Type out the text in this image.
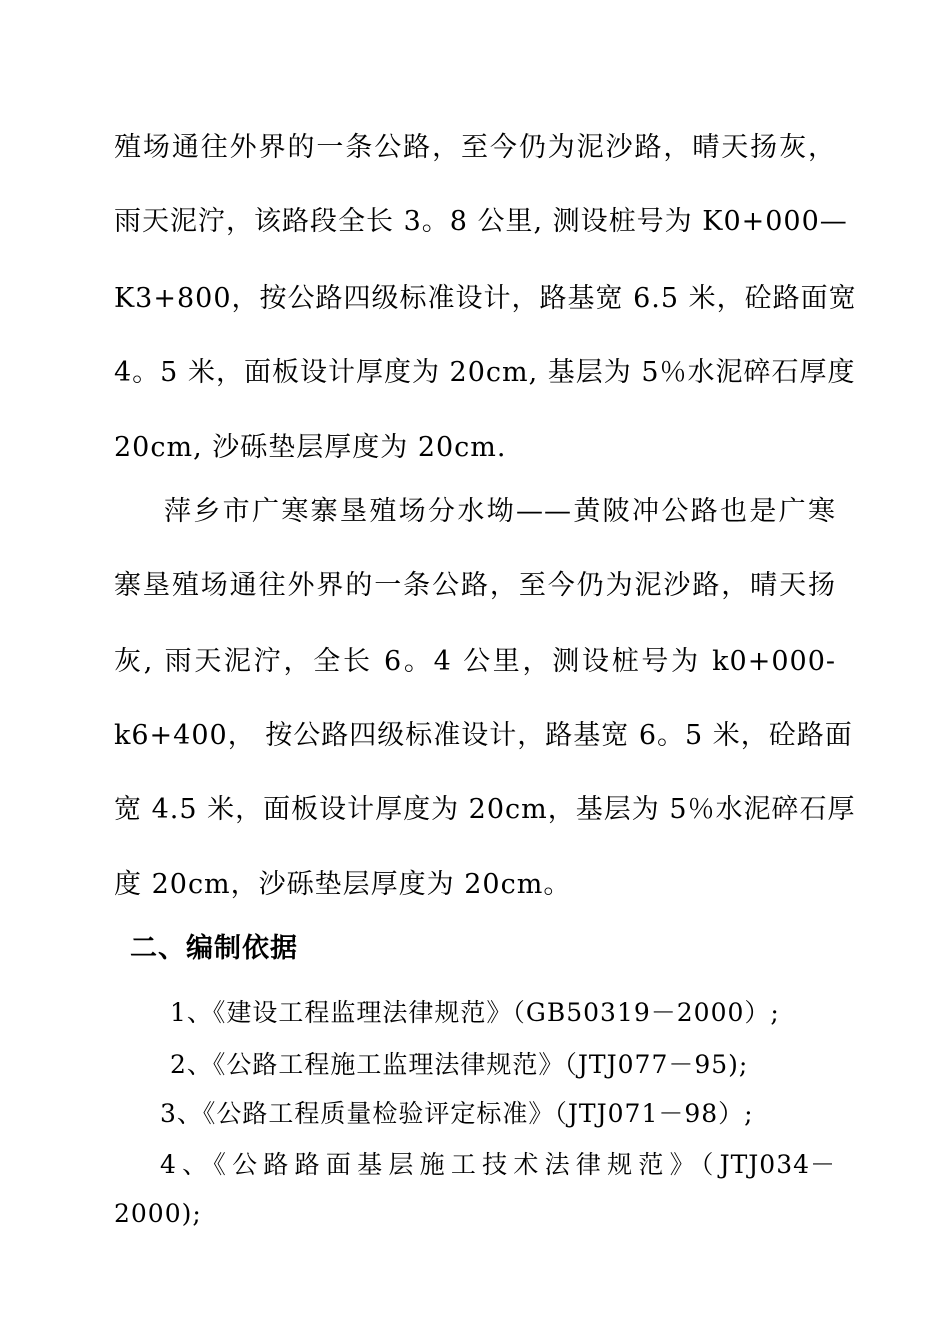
殖场通往外界的一条公路，至今仍为泥沙路，晴天扬灰，
雨天泥泞，该路段全长 3。8 公里, 测设桩号为 K0+000—
K3+800，按公路四级标准设计，路基宽 6.5 米，砼路面宽
4。5 米，面板设计厚度为 20cm, 基层为 5％水泥碎石厚度
20cm, 沙砾垫层厚度为 20cm.
萍乡市广寒寨垦殖场分水坳——黄陂冲公路也是广寒
寨垦殖场通往外界的一条公路，至今仍为泥沙路，晴天扬
灰, 雨天泥泞，全长 6。4 公里，测设桩号为 k0+000-
k6+400， 按公路四级标准设计，路基宽 6。5 米，砼路面
宽 4.5 米，面板设计厚度为 20cm，基层为 5％水泥碎石厚
度 20cm，沙砾垫层厚度为 20cm。
二、编制依据
1、《建设工程监理法律规范》（GB50319－2000）;
2、《公路工程施工监理法律规范》（JTJ077－95);
3、《公路工程质量检验评定标准》（JTJ071－98）;
4、《公路路面基层施工技术法律规范》（JTJ034－
2000);
